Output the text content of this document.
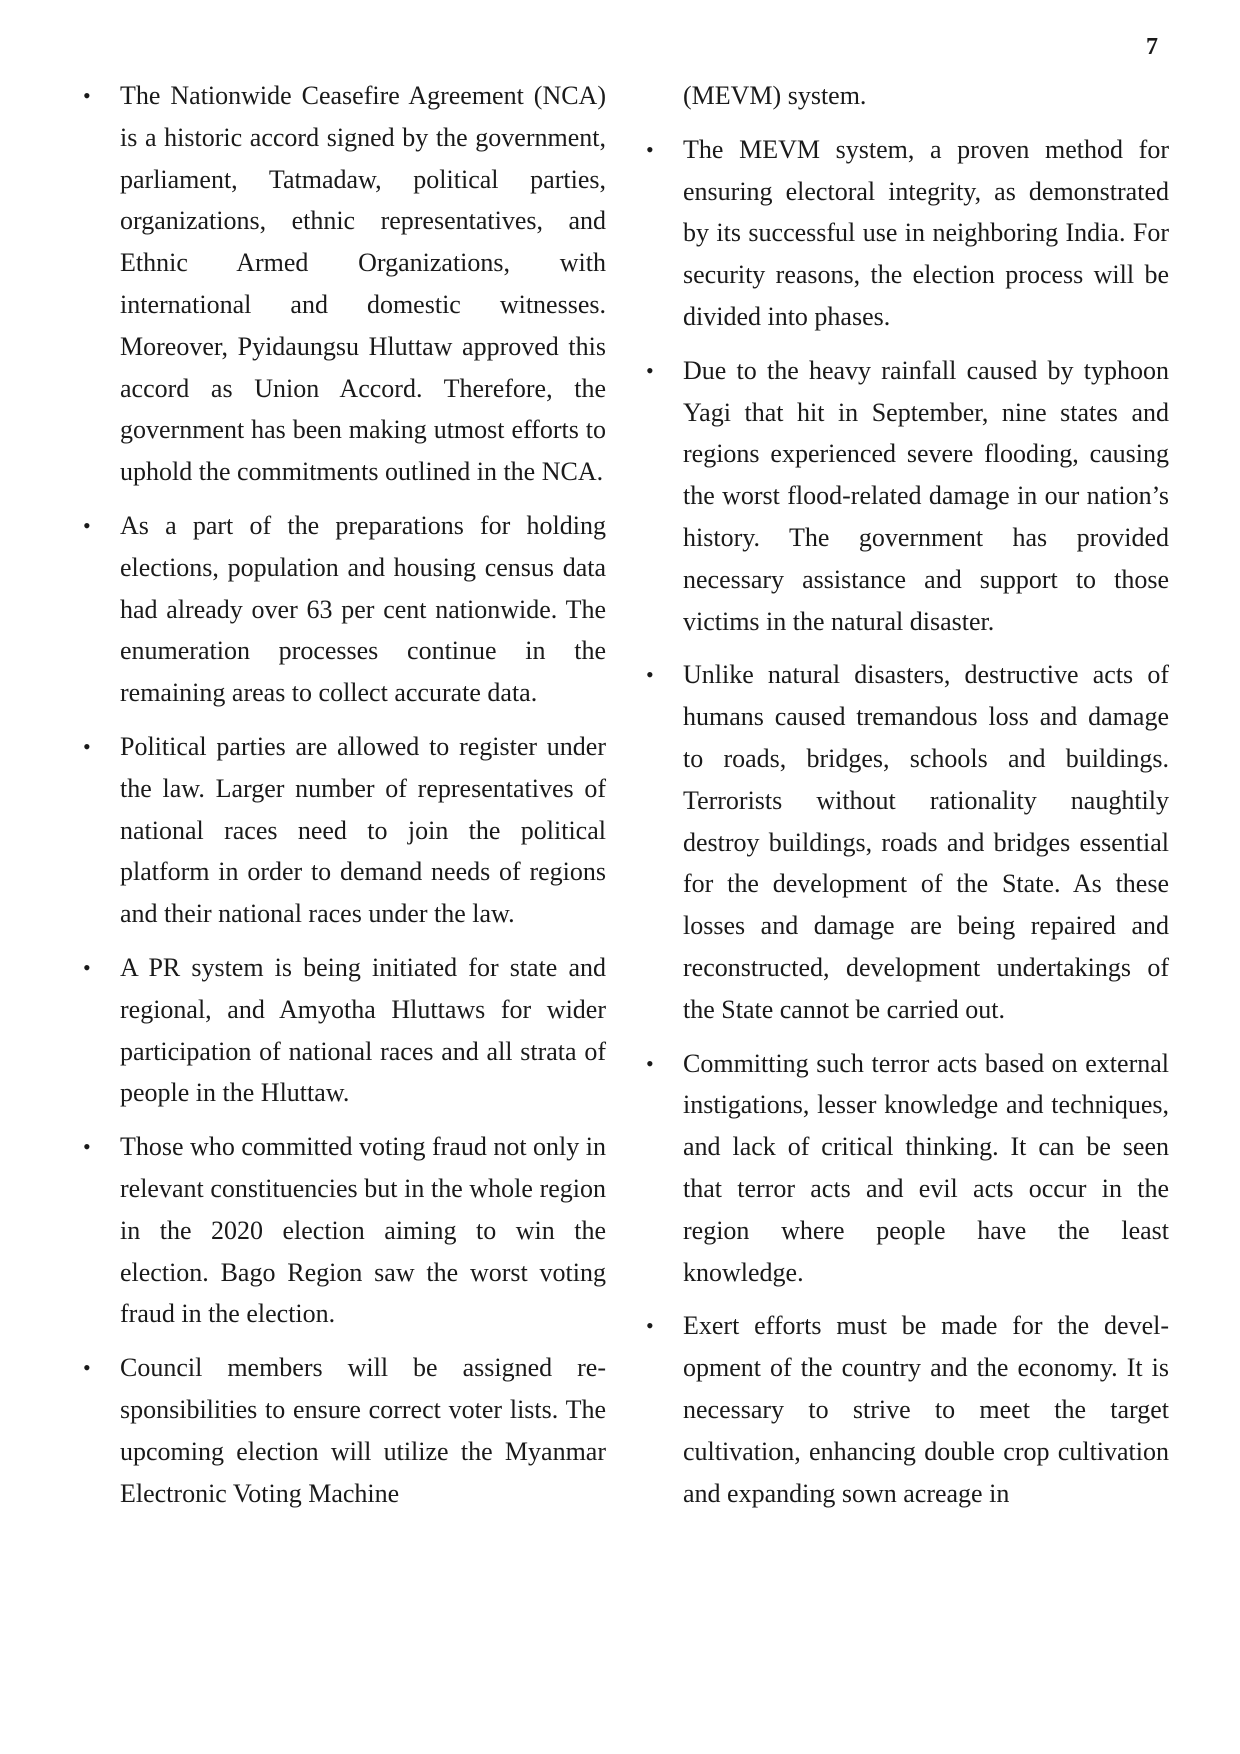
7
• The Nationwide Ceasefire Agreement (NCA) is a historic accord signed by the government, parliament, Tatmadaw, political parties, organizations, ethnic representatives, and Ethnic Armed Organizations, with international and domestic witnesses. Moreover, Pyidaungsu Hluttaw approved this accord as Union Accord. Therefore, the government has been making utmost efforts to uphold the commitments outlined in the NCA.
• As a part of the preparations for holding elections, population and housing census data had already over 63 per cent nationwide. The enumeration processes continue in the remaining areas to collect accurate data.
• Political parties are allowed to register under the law. Larger number of representatives of national races need to join the political platform in order to demand needs of regions and their national races under the law.
• A PR system is being initiated for state and regional, and Amyotha Hluttaws for wider participation of national races and all strata of people in the Hluttaw.
• Those who committed voting fraud not only in relevant constituencies but in the whole region in the 2020 election aiming to win the election. Bago Region saw the worst voting fraud in the election.
• Council members will be assigned responsibilities to ensure correct voter lists. The upcoming election will utilize the Myanmar Electronic Voting Machine
(MEVM) system.
• The MEVM system, a proven method for ensuring electoral integrity, as demonstrated by its successful use in neighboring India. For security reasons, the election process will be divided into phases.
• Due to the heavy rainfall caused by typhoon Yagi that hit in September, nine states and regions experienced severe flooding, causing the worst flood-related damage in our nation’s history. The government has provided necessary assistance and support to those victims in the natural disaster.
• Unlike natural disasters, destructive acts of humans caused tremandous loss and damage to roads, bridges, schools and buildings. Terrorists without rationality naughtily destroy buildings, roads and bridges essential for the development of the State. As these losses and damage are being repaired and reconstructed, development undertakings of the State cannot be carried out.
• Committing such terror acts based on external instigations, lesser knowledge and techniques, and lack of critical thinking. It can be seen that terror acts and evil acts occur in the region where people have the least knowledge.
• Exert efforts must be made for the development of the country and the economy. It is necessary to strive to meet the target cultivation, enhancing double crop cultivation and expanding sown acreage in
